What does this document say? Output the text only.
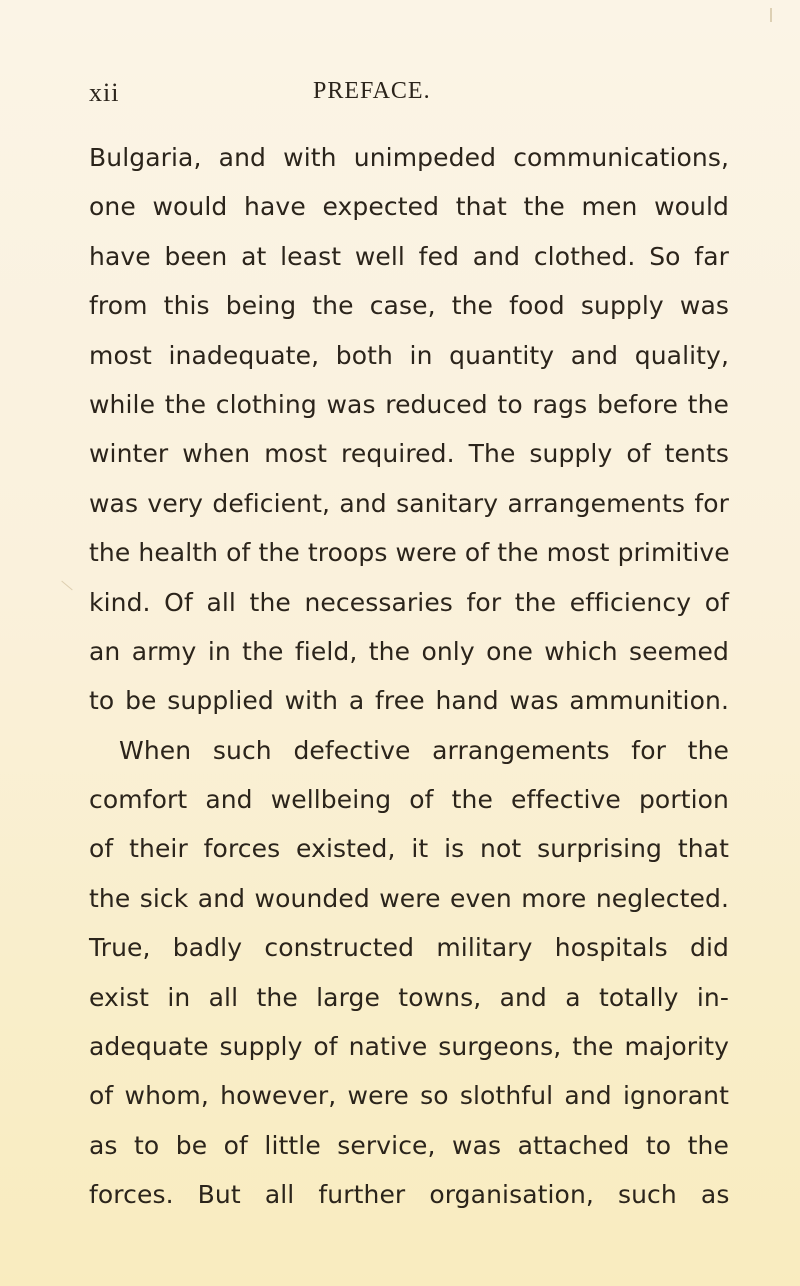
xii	PREFACE.
Bulgaria, and with unimpeded communications,
one would have expected that the men would
have been at least well fed and clothed. So far
from this being the case, the food supply was
most inadequate, both in quantity and quality,
while the clothing was reduced to rags before the
winter when most required. The supply of tents
was very deficient, and sanitary arrangements for
the health of the troops were of the most primitive
kind. Of all the necessaries for the efficiency of
an army in the field, the only one which seemed
to be supplied with a free hand was ammunition.
When such defective arrangements for the
comfort and wellbeing of the effective portion
of their forces existed, it is not surprising that
the sick and wounded were even more neglected.
True, badly constructed military hospitals did
exist in all the large towns, and a totally in-
adequate supply of native surgeons, the majority
of whom, however, were so slothful and ignorant
as to be of little service, was attached to the
forces. But all further organisation, such as
